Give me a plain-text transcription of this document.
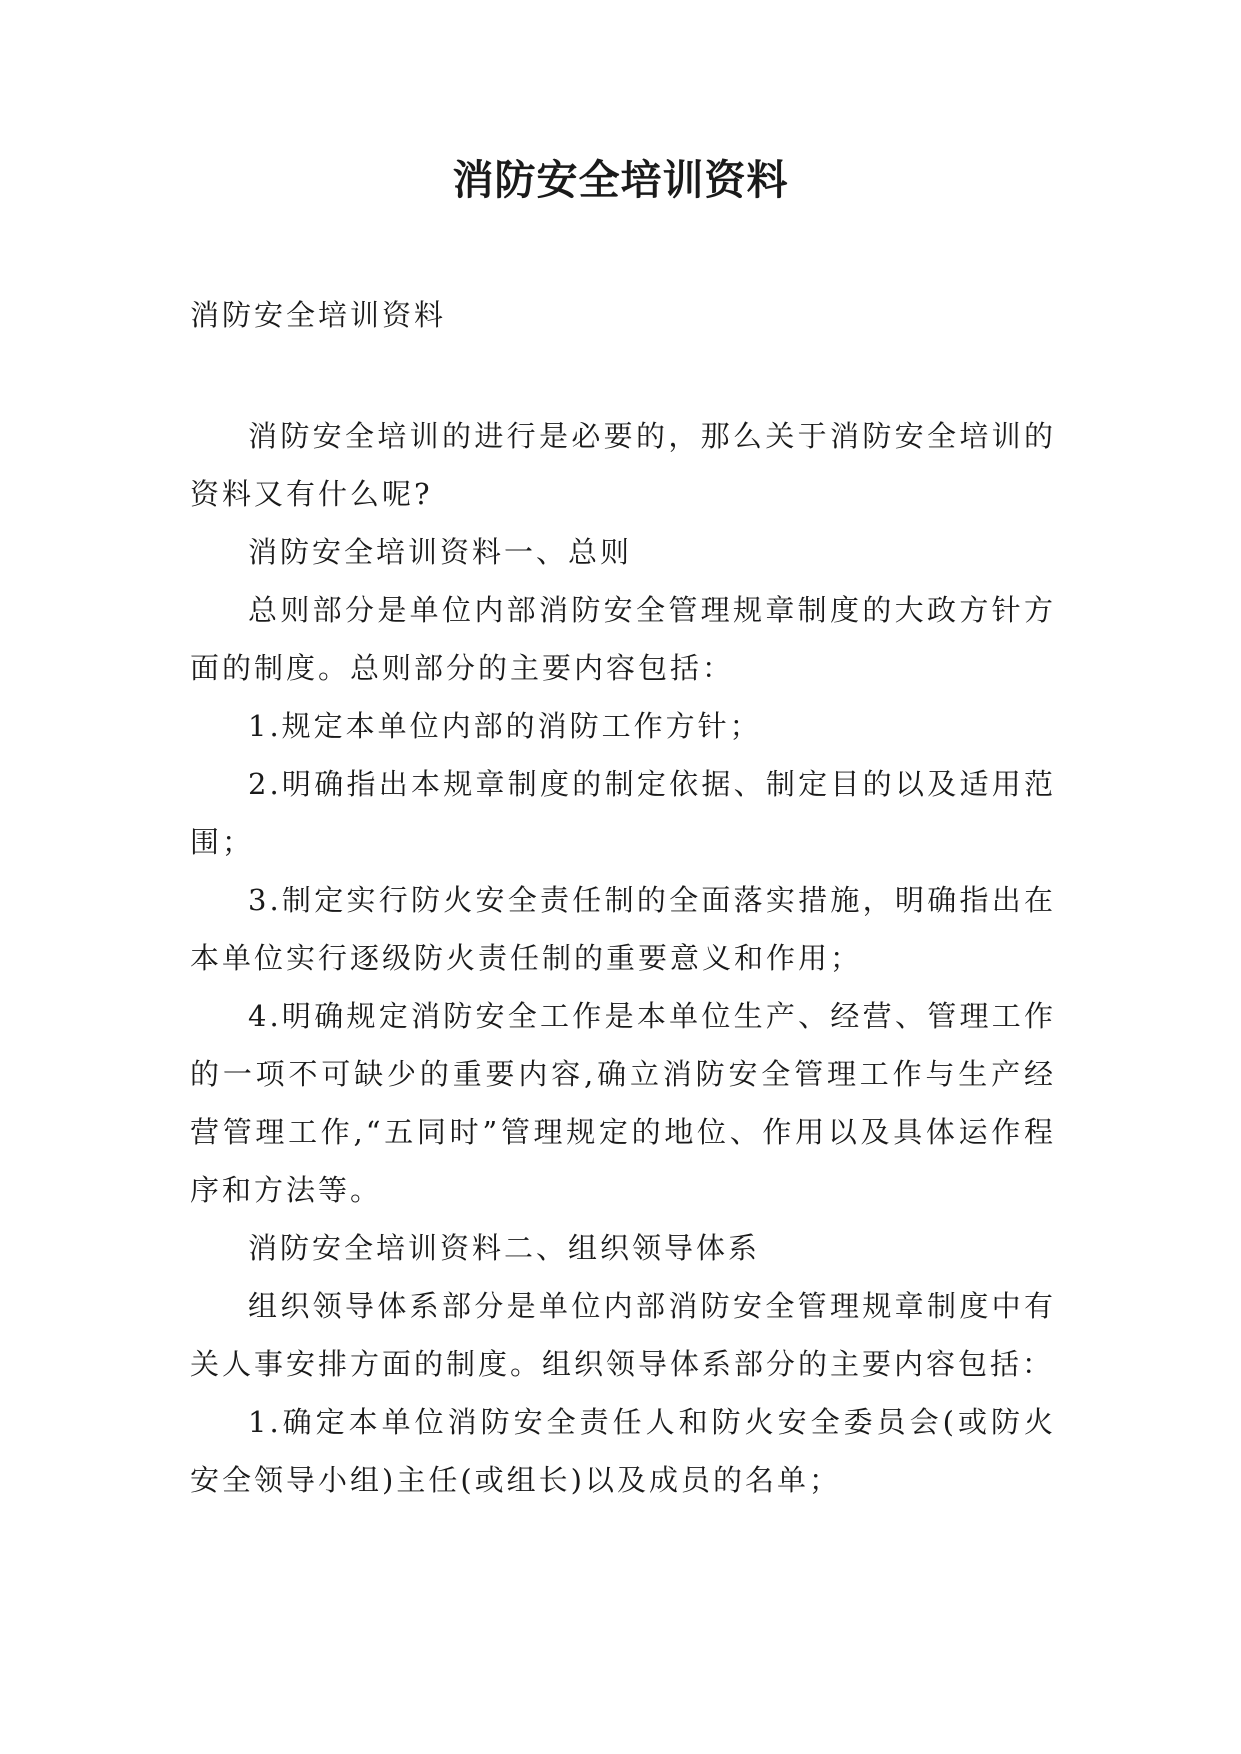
消防安全培训资料
消防安全培训资料

消防安全培训的进行是必要的，那么关于消防安全培训的资料又有什么呢?

消防安全培训资料一、总则

总则部分是单位内部消防安全管理规章制度的大政方针方面的制度。总则部分的主要内容包括：

1.规定本单位内部的消防工作方针；

2.明确指出本规章制度的制定依据、制定目的以及适用范围；

3.制定实行防火安全责任制的全面落实措施，明确指出在本单位实行逐级防火责任制的重要意义和作用；

4.明确规定消防安全工作是本单位生产、经营、管理工作的一项不可缺少的重要内容,确立消防安全管理工作与生产经营管理工作,“五同时”管理规定的地位、作用以及具体运作程序和方法等。

消防安全培训资料二、组织领导体系

组织领导体系部分是单位内部消防安全管理规章制度中有关人事安排方面的制度。组织领导体系部分的主要内容包括：

1.确定本单位消防安全责任人和防火安全委员会(或防火安全领导小组)主任(或组长)以及成员的名单；
